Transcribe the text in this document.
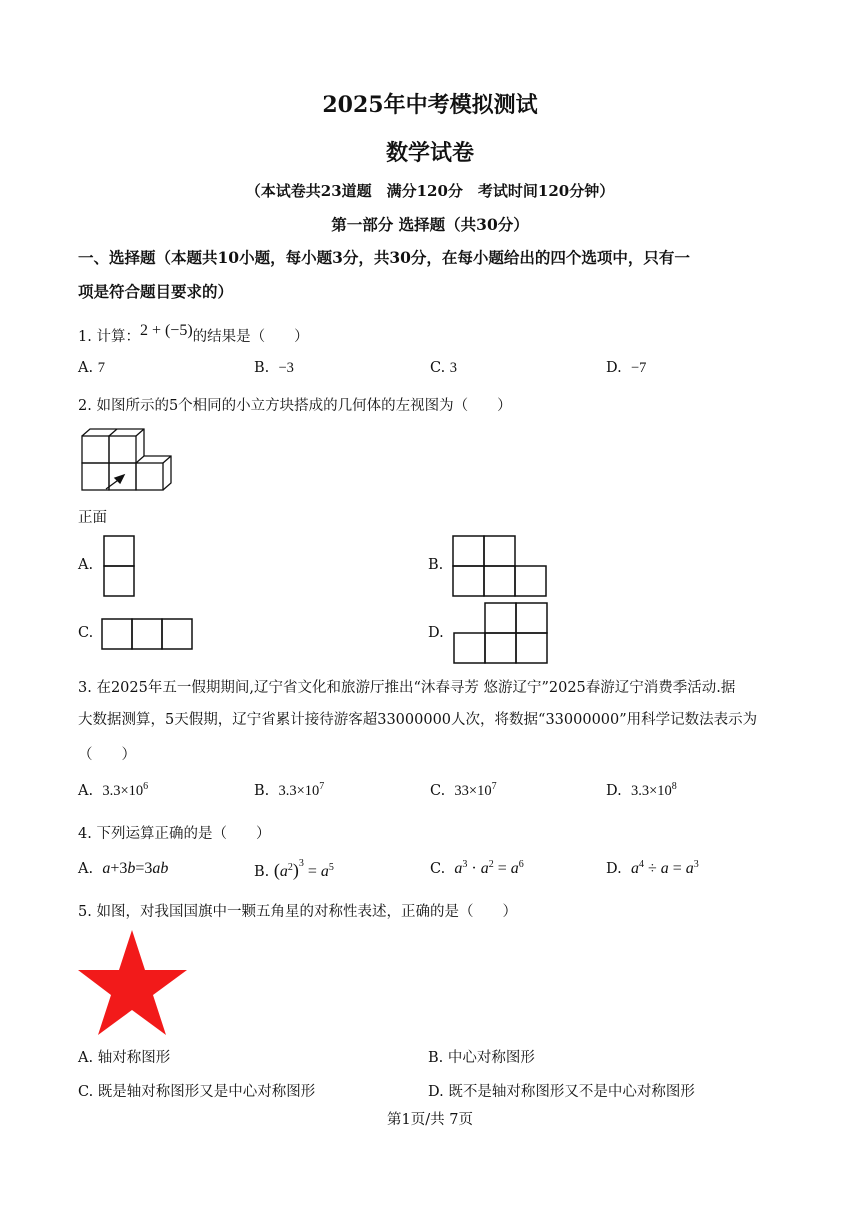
2025年中考模拟测试
数学试卷
（本试卷共23道题　满分120分　考试时间120分钟）
第一部分 选择题（共30分）
一、选择题（本题共10小题，每小题3分，共30分，在每小题给出的四个选项中，只有一
项是符合题目要求的）
1. 计算：2 + (−5)的结果是（　　）
A. 7	B. −3	C. 3	D. −7
2. 如图所示的5个相同的小立方块搭成的几何体的左视图为（　　）
正面
A.	B.
C.	D.
3. 在2025年五一假期期间,辽宁省文化和旅游厅推出“沐春寻芳 悠游辽宁”2025春游辽宁消费季活动.据
大数据测算，5天假期，辽宁省累计接待游客超33000000人次，将数据“33000000”用科学记数法表示为
（　　）
A. $3.3\times 10^6$	B. $3.3\times 10^7$	C. $33\times 10^7$	D. $3.3\times 10^8$
4. 下列运算正确的是（　　）
A. a+3b=3ab	B. $(a^2)^3 = a^5$	C. $a^3 \cdot a^2 = a^6$	D. $a^4 \div a = a^3$
5. 如图，对我国国旗中一颗五角星的对称性表述，正确的是（　　）
A. 轴对称图形	B. 中心对称图形
C. 既是轴对称图形又是中心对称图形	D. 既不是轴对称图形又不是中心对称图形
第1页/共 7页
